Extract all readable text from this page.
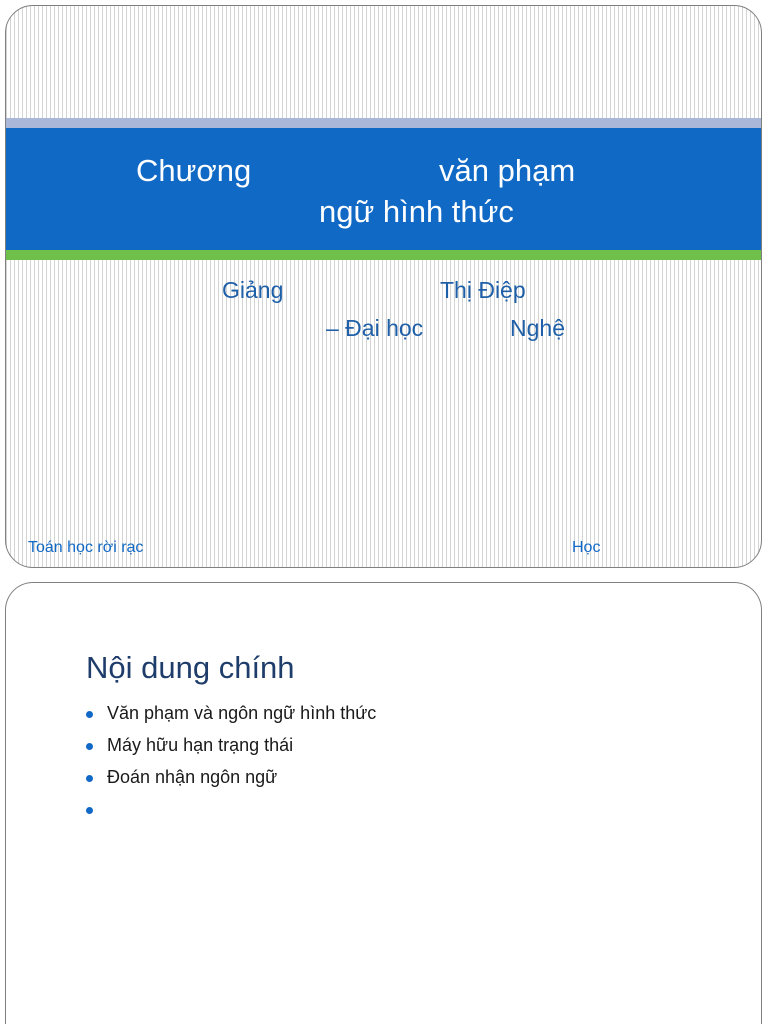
Chương	văn phạm
ngữ hình thức
Giảng	Thị Điệp
– Đại học	Nghệ
Toán học rời rạc	Học
Nội dung chính
Văn phạm và ngôn ngữ hình thức
Máy hữu hạn trạng thái
Đoán nhận ngôn ngữ
